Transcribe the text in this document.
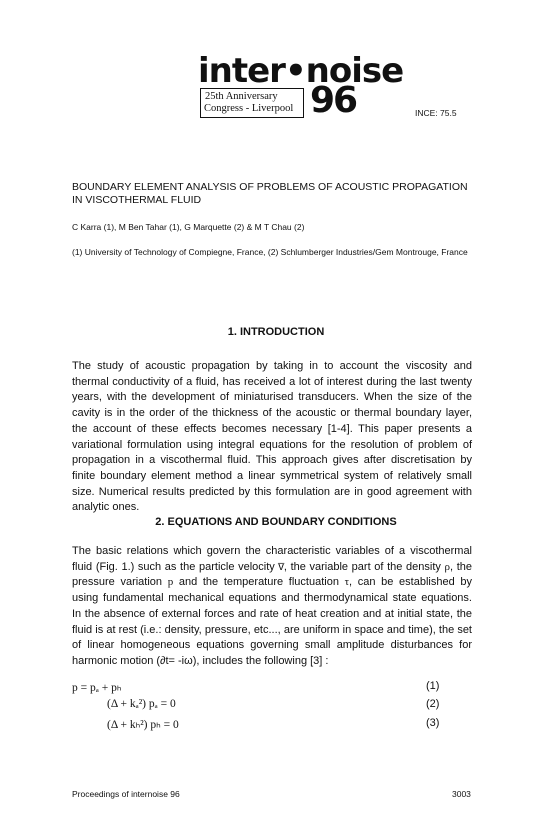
inter•noise
25th Anniversary
Congress - Liverpool 96	INCE: 75.5
BOUNDARY ELEMENT ANALYSIS OF PROBLEMS OF ACOUSTIC PROPAGATION IN VISCOTHERMAL FLUID
C Karra (1), M Ben Tahar (1), G Marquette (2) & M T Chau (2)
(1) University of Technology of Compiegne, France, (2) Schlumberger Industries/Gem Montrouge, France
1. INTRODUCTION
The study of acoustic propagation by taking in to account the viscosity and thermal conductivity of a fluid, has received a lot of interest during the last twenty years, with the development of miniaturised transducers. When the size of the cavity is in the order of the thickness of the acoustic or thermal boundary layer, the account of these effects becomes necessary [1-4]. This paper presents a variational formulation using integral equations for the resolution of problem of propagation in a viscothermal fluid. This approach gives after discretisation by finite boundary element method a linear symmetrical system of relatively small size. Numerical results predicted by this formulation are in good agreement with analytic ones.
2. EQUATIONS AND BOUNDARY CONDITIONS
The basic relations which govern the characteristic variables of a viscothermal fluid (Fig. 1.) such as the particle velocity v̅, the variable part of the density ρ, the pressure variation p and the temperature fluctuation τ, can be established by using fundamental mechanical equations and thermodynamical state equations. In the absence of external forces and rate of heat creation and at initial state, the fluid is at rest (i.e.: density, pressure, etc..., are uniform in space and time), the set of linear homogeneous equations governing small amplitude disturbances for harmonic motion (∂t= -iω), includes the following [3] :
p = pₐ + pₕ	(1)
(Δ + kₐ²) pₐ = 0	(2)
(Δ + kₕ²) pₕ = 0	(3)
Proceedings of internoise 96	3003
